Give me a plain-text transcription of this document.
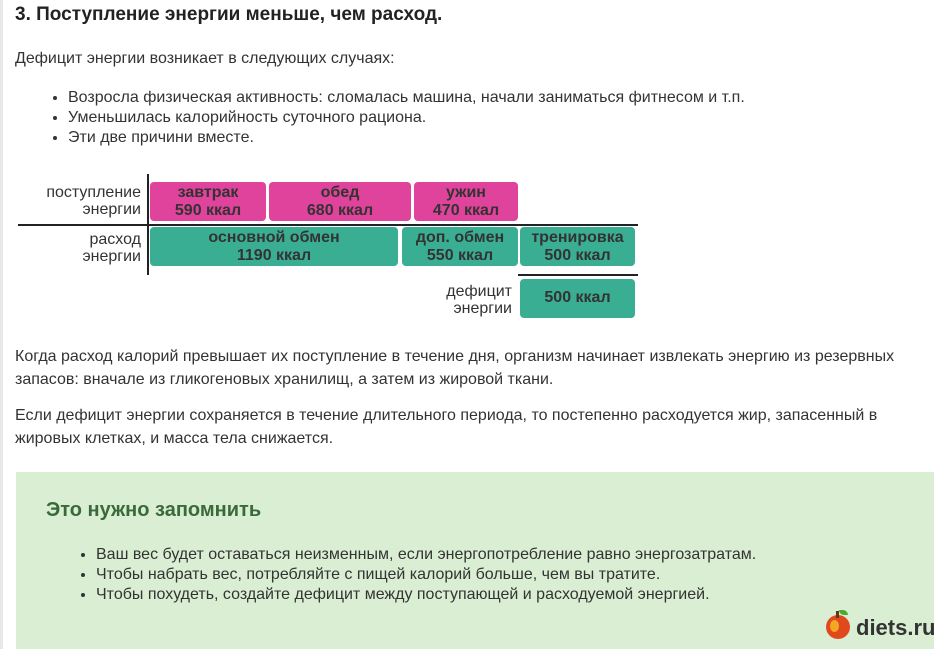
3. Поступление энергии меньше, чем расход.

Дефицит энергии возникает в следующих случаях:

• Возросла физическая активность: сломалась машина, начали заниматься фитнесом и т.п.
• Уменьшилась калорийность суточного рациона.
• Эти две причини вместе.
поступление
энергии
расход
энергии
дефицит
энергии
завтрак
590 ккал
обед
680 ккал
ужин
470 ккал
основной обмен
1190 ккал
доп. обмен
550 ккал
тренировка
500 ккал
500 ккал

Когда расход калорий превышает их поступление в течение дня, организм начинает извлекать энергию из резервных запасов: вначале из гликогеновых хранилищ, а затем из жировой ткани.

Если дефицит энергии сохраняется в течение длительного периода, то постепенно расходуется жир, запасенный в жировых клетках, и масса тела снижается.

Это нужно запомнить
• Ваш вес будет оставаться неизменным, если энергопотребление равно энергозатратам.
• Чтобы набрать вес, потребляйте с пищей калорий больше, чем вы тратите.
• Чтобы похудеть, создайте дефицит между поступающей и расходуемой энергией.
diets.ru
